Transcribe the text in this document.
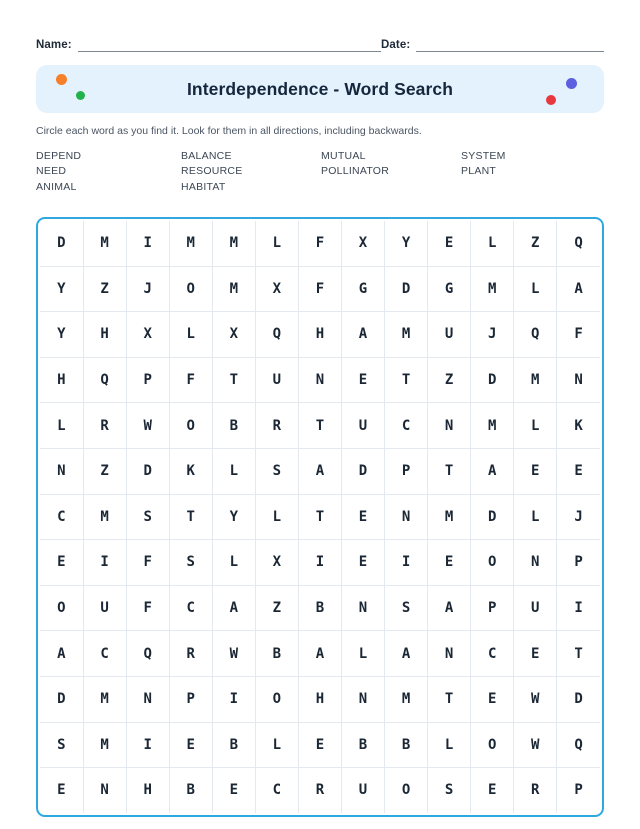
Name:	Date:
Interdependence - Word Search

Circle each word as you find it. Look for them in all directions, including backwards.

DEPEND	BALANCE	MUTUAL	SYSTEM
NEED	RESOURCE	POLLINATOR	PLANT
ANIMAL	HABITAT
D	M	I	M	M	L	F	X	Y	E	L	Z	Q
Y	Z	J	O	M	X	F	G	D	G	M	L	A
Y	H	X	L	X	Q	H	A	M	U	J	Q	F
H	Q	P	F	T	U	N	E	T	Z	D	M	N
L	R	W	O	B	R	T	U	C	N	M	L	K
N	Z	D	K	L	S	A	D	P	T	A	E	E
C	M	S	T	Y	L	T	E	N	M	D	L	J
E	I	F	S	L	X	I	E	I	E	O	N	P
O	U	F	C	A	Z	B	N	S	A	P	U	I
A	C	Q	R	W	B	A	L	A	N	C	E	T
D	M	N	P	I	O	H	N	M	T	E	W	D
S	M	I	E	B	L	E	B	B	L	O	W	Q
E	N	H	B	E	C	R	U	O	S	E	R	P
